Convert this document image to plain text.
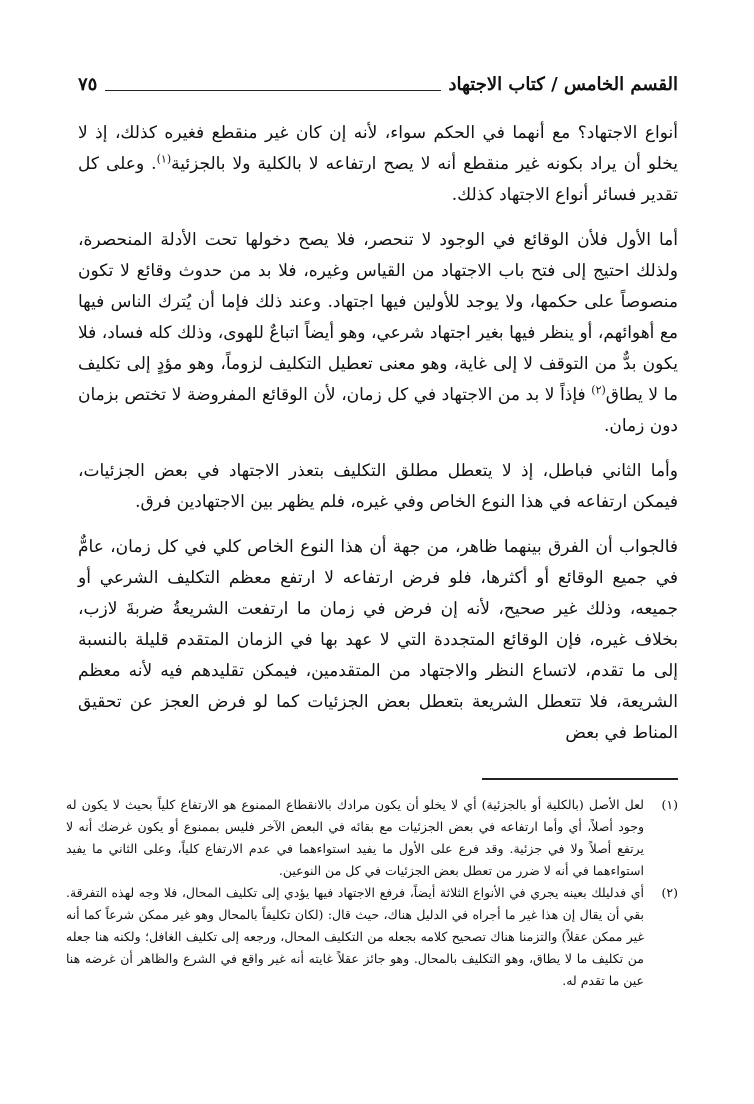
القسم الخامس / كتاب الاجتهاد
٧٥

أنواع الاجتهاد؟ مع أنهما في الحكم سواء، لأنه إن كان غير منقطع فغيره كذلك، إذ لا يخلو أن يراد بكونه غير منقطع أنه لا يصح ارتفاعه لا بالكلية ولا بالجزئية$^{(١)}$. وعلى كل تقدير فسائر أنواع الاجتهاد كذلك.

أما الأول فلأن الوقائع في الوجود لا تنحصر، فلا يصح دخولها تحت الأدلة المنحصرة، ولذلك احتيج إلى فتح باب الاجتهاد من القياس وغيره، فلا بد من حدوث وقائع لا تكون منصوصاً على حكمها، ولا يوجد للأولين فيها اجتهاد. وعند ذلك فإما أن يُترك الناس فيها مع أهوائهم، أو ينظر فيها بغير اجتهاد شرعي، وهو أيضاً اتباعٌ للهوى، وذلك كله فساد، فلا يكون بدٌّ من التوقف لا إلى غاية، وهو معنى تعطيل التكليف لزوماً، وهو مؤدٍ إلى تكليف ما لا يطاق$^{(٢)}$ فإذاً لا بد من الاجتهاد في كل زمان، لأن الوقائع المفروضة لا تختص بزمان دون زمان.

وأما الثاني فباطل، إذ لا يتعطل مطلق التكليف بتعذر الاجتهاد في بعض الجزئيات، فيمكن ارتفاعه في هذا النوع الخاص وفي غيره، فلم يظهر بين الاجتهادين فرق.

فالجواب أن الفرق بينهما ظاهر، من جهة أن هذا النوع الخاص كلي في كل زمان، عامٌّ في جميع الوقائع أو أكثرها، فلو فرض ارتفاعه لا ارتفع معظم التكليف الشرعي أو جميعه، وذلك غير صحيح، لأنه إن فرض في زمان ما ارتفعت الشريعةُ ضربةَ لازب، بخلاف غيره، فإن الوقائع المتجددة التي لا عهد بها في الزمان المتقدم قليلة بالنسبة إلى ما تقدم، لاتساع النظر والاجتهاد من المتقدمين، فيمكن تقليدهم فيه لأنه معظم الشريعة، فلا تتعطل الشريعة بتعطل بعض الجزئيات كما لو فرض العجز عن تحقيق المناط في بعض

(١)
لعل الأصل (بالكلية أو بالجزئية) أي لا يخلو أن يكون مرادك بالانقطاع الممنوع هو الارتفاع كلياً بحيث لا يكون له وجود أصلاً، أي وأما ارتفاعه في بعض الجزئيات مع بقائه في البعض الآخر فليس بممنوع أو يكون غرضك أنه لا يرتفع أصلاً ولا في جزئية. وقد فرع على الأول ما يفيد استواءهما في عدم الارتفاع كلياً، وعلى الثاني ما يفيد استواءهما في أنه لا ضرر من تعطل بعض الجزئيات في كل من النوعين.
(٢)
أي فدليلك بعينه يجري في الأنواع الثلاثة أيضاً، فرفع الاجتهاد فيها يؤدي إلى تكليف المحال، فلا وجه لهذه التفرقة. بقي أن يقال إن هذا غير ما أجراه في الدليل هناك، حيث قال: (لكان تكليفاً بالمحال وهو غير ممكن شرعاً كما أنه غير ممكن عقلاً) والتزمنا هناك تصحيح كلامه بجعله من التكليف المحال، ورجعه إلى تكليف الغافل؛ ولكنه هنا جعله من تكليف ما لا يطاق، وهو التكليف بالمحال. وهو جائز عقلاً غايته أنه غير واقع في الشرع والظاهر أن غرضه هنا عين ما تقدم له.
